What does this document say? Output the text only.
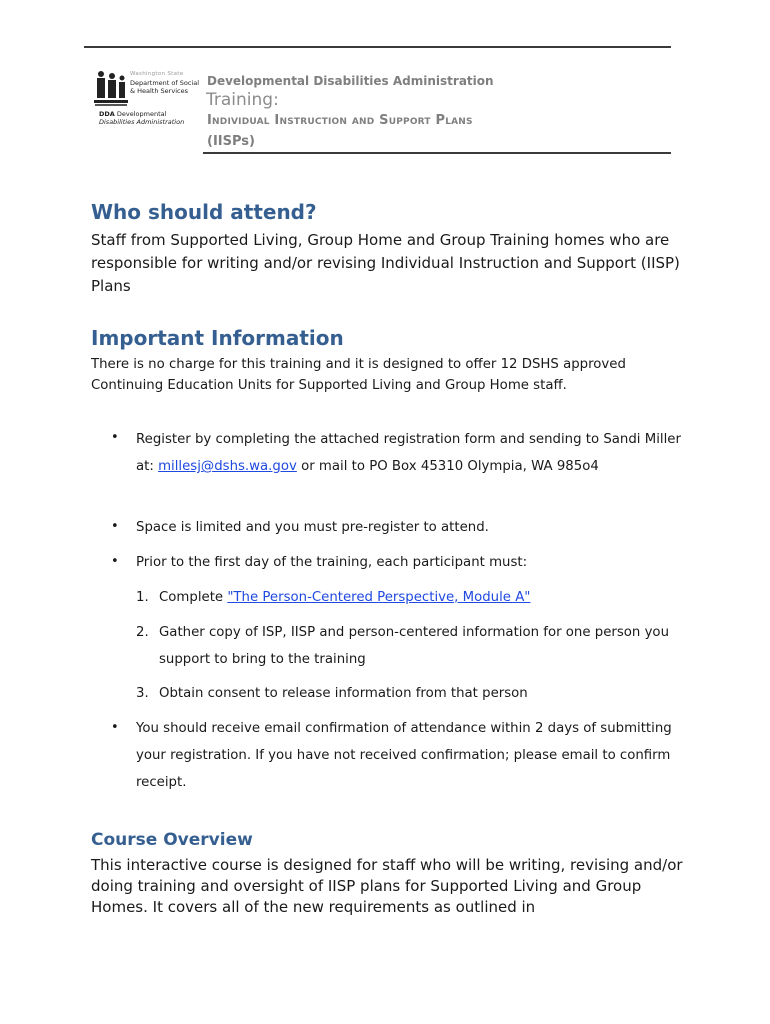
Washington State
Department of Social
& Health Services
DDA Developmental
Disabilities Administration
Developmental Disabilities Administration
Training:
Individual Instruction and Support Plans
(IISPs)
Who should attend?

Staff from Supported Living, Group Home and Group Training homes who are responsible for writing and/or revising Individual Instruction and Support (IISP) Plans

Important Information

There is no charge for this training and it is designed to offer 12 DSHS approved Continuing Education Units for Supported Living and Group Home staff.

• Register by completing the attached registration form and sending to Sandi Miller at: millesj@dshs.wa.gov or mail to PO Box 45310 Olympia, WA 985o4

• Space is limited and you must pre-register to attend.

• Prior to the first day of the training, each participant must:

1. Complete "The Person-Centered Perspective, Module A"

2. Gather copy of ISP, IISP and person-centered information for one person you support to bring to the training

3. Obtain consent to release information from that person

• You should receive email confirmation of attendance within 2 days of submitting your registration. If you have not received confirmation; please email to confirm receipt.

Course Overview

This interactive course is designed for staff who will be writing, revising and/or doing training and oversight of IISP plans for Supported Living and Group Homes. It covers all of the new requirements as outlined in
